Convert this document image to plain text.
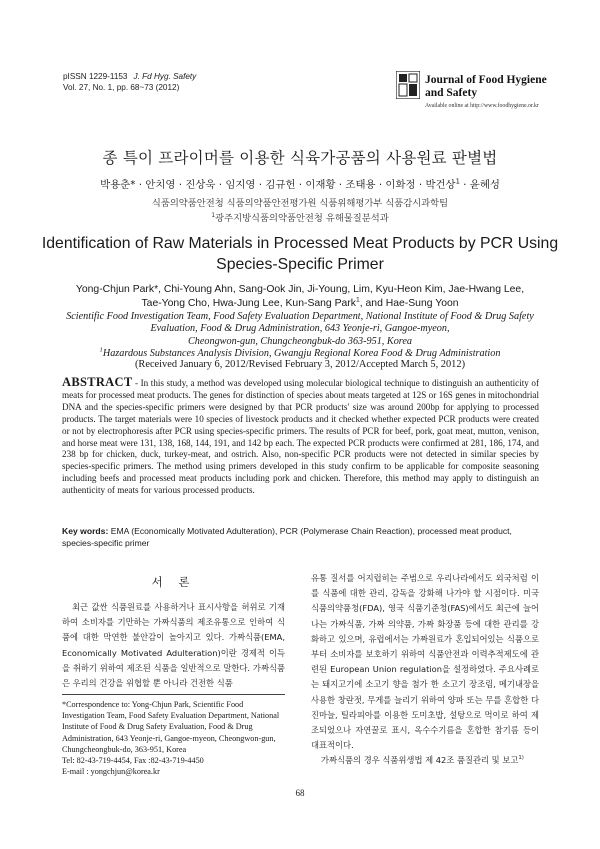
pISSN 1229-1153 J. Fd Hyg. Safety
Vol. 27, No. 1, pp. 68~73 (2012)
Journal of Food Hygiene
and Safety
Available online at http://www.foodhygiene.or.kr
종 특이 프라이머를 이용한 식육가공품의 사용원료 판별법
박용춘* · 안치영 · 진상욱 · 임지영 · 김규헌 · 이재황 · 조태용 · 이화정 · 박건상$^1$ · 윤혜성
식품의약품안전청 식품의약품안전평가원 식품위해평가부 식품감시과학팀
$^1$광주지방식품의약품안전청 유해물질분석과
Identification of Raw Materials in Processed Meat Products by PCR Using
Species-Specific Primer
Yong-Chjun Park*, Chi-Young Ahn, Sang-Ook Jin, Ji-Young, Lim, Kyu-Heon Kim, Jae-Hwang Lee,
Tae-Yong Cho, Hwa-Jung Lee, Kun-Sang Park$^1$, and Hae-Sung Yoon
Scientific Food Investigation Team, Food Safety Evaluation Department, National Institute of Food & Drug Safety
Evaluation, Food & Drug Administration, 643 Yeonje-ri, Gangoe-myeon,
Cheongwon-gun, Chungcheongbuk-do 363-951, Korea
$^1$Hazardous Substances Analysis Division, Gwangju Regional Korea Food & Drug Administration
(Received January 6, 2012/Revised February 3, 2012/Accepted March 5, 2012)
ABSTRACT - In this study, a method was developed using molecular biological technique to distinguish an authenticity of meats for processed meat products. The genes for distinction of species about meats targeted at 12S or 16S genes in mitochondrial DNA and the species-specific primers were designed by that PCR products' size was around 200bp for applying to processed products. The target materials were 10 species of livestock products and it checked whether expected PCR products were created or not by electrophoresis after PCR using species-specific primers. The results of PCR for beef, pork, goat meat, mutton, venison, and horse meat were 131, 138, 168, 144, 191, and 142 bp each. The expected PCR products were confirmed at 281, 186, 174, and 238 bp for chicken, duck, turkey-meat, and ostrich. Also, non-specific PCR products were not detected in similar species by species-specific primers. The method using primers developed in this study confirm to be applicable for composite seasoning including beefs and processed meat products including pork and chicken. Therefore, this method may apply to distinguish an authenticity of meats for various processed products.
Key words: EMA (Economically Motivated Adulteration), PCR (Polymerase Chain Reaction), processed meat product, species-specific primer
서 론
최근 값싼 식품원료를 사용하거나 표시사항을 허위로 기재하여 소비자를 기만하는 가짜식품의 제조유통으로 인하여 식품에 대한 막연한 불안감이 높아지고 있다. 가짜식품(EMA, Economically Motivated Adulteration)이란 경제적 이득을 취하기 위하여 제조된 식품을 일반적으로 말한다. 가짜식품은 우리의 건강을 위협할 뿐 아니라 건전한 식품
*Correspondence to: Yong-Chjun Park, Scientific Food Investigation Team, Food Safety Evaluation Department, National Institute of Food & Drug Safety Evaluation, Food & Drug Administration, 643 Yeonje-ri, Gangoe-myeon, Cheongwon-gun, Chungcheongbuk-do, 363-951, Korea
Tel: 82-43-719-4454, Fax :82-43-719-4450
E-mail : yongchjun@korea.kr

유통 질서를 어지럽히는 주범으로 우리나라에서도 외국처럼 이를 식품에 대한 관리, 감독을 강화해 나가야 할 시점이다. 미국 식품의약품청(FDA), 영국 식품기준청(FAS)에서도 최근에 늘어나는 가짜식품, 가짜 의약품, 가짜 화장품 등에 대한 관리를 강화하고 있으며, 유럽에서는 가짜원료가 혼입되어있는 식품으로부터 소비자를 보호하기 위하여 식품안전과 이력추적제도에 관련된 European Union regulation을 설정하였다. 주요사례로는 돼지고기에 소고기 향을 첨가 한 소고기 장조림, 메기내장을 사용한 창란젓, 무게를 늘리기 위하여 양파 또는 무를 혼합한 다진마늘, 틸라피아를 이용한 도미초밥, 설탕으로 먹이로 하여 제조되었으나 자연꿀로 표시, 옥수수기름을 혼합한 참기름 등이 대표적이다.

가짜식품의 경우 식품위생법 제 42조 품질관리 및 보고$^{1)}$

68
